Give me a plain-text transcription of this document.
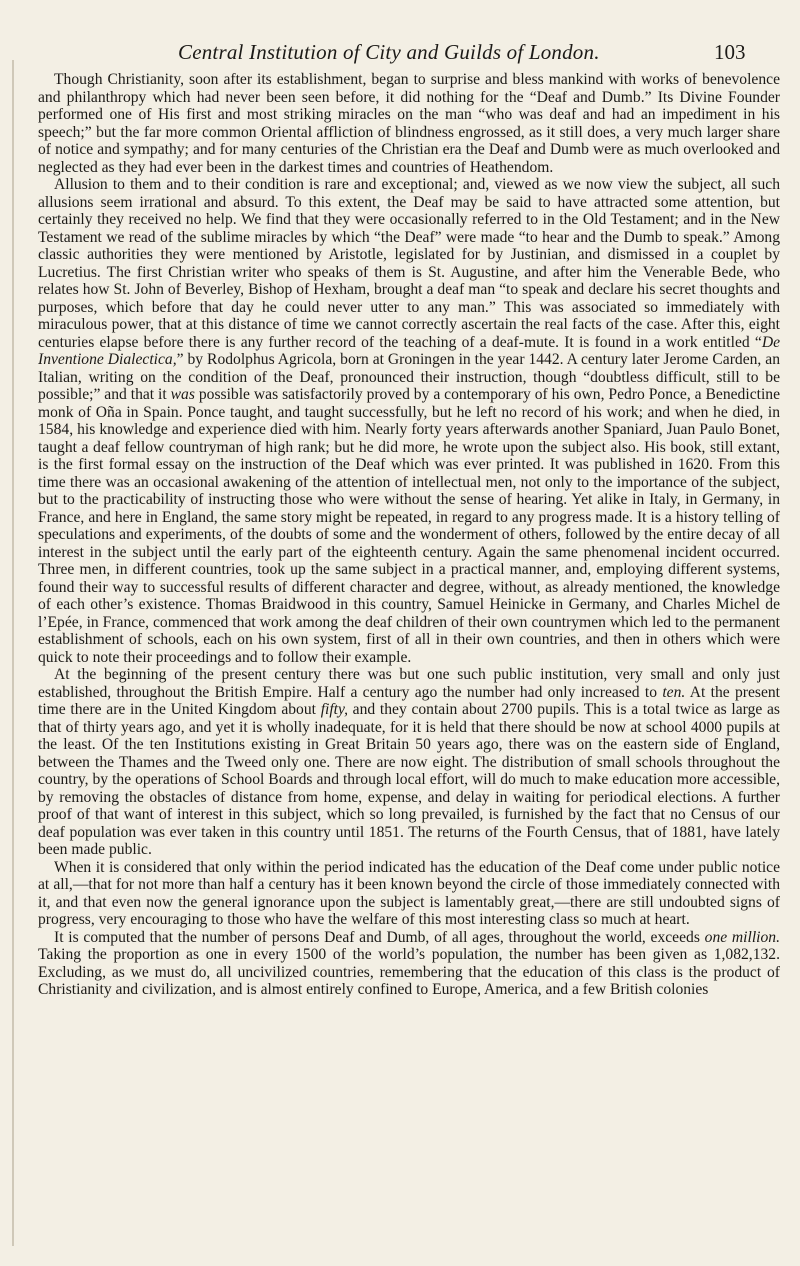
Central Institution of City and Guilds of London.	103

Though Christianity, soon after its establishment, began to surprise and bless mankind with works of benevolence and philanthropy which had never been seen before, it did nothing for the “Deaf and Dumb.” Its Divine Founder performed one of His first and most striking miracles on the man “who was deaf and had an impediment in his speech;” but the far more common Oriental affliction of blindness engrossed, as it still does, a very much larger share of notice and sympathy; and for many centuries of the Christian era the Deaf and Dumb were as much overlooked and neglected as they had ever been in the darkest times and countries of Heathendom.

Allusion to them and to their condition is rare and exceptional; and, viewed as we now view the subject, all such allusions seem irrational and absurd. To this extent, the Deaf may be said to have attracted some attention, but certainly they received no help. We find that they were occasionally referred to in the Old Testament; and in the New Testament we read of the sublime miracles by which “the Deaf” were made “to hear and the Dumb to speak.” Among classic authorities they were mentioned by Aristotle, legislated for by Justinian, and dismissed in a couplet by Lucretius. The first Christian writer who speaks of them is St. Augustine, and after him the Venerable Bede, who relates how St. John of Beverley, Bishop of Hexham, brought a deaf man “to speak and declare his secret thoughts and purposes, which before that day he could never utter to any man.” This was associated so immediately with miraculous power, that at this distance of time we cannot correctly ascertain the real facts of the case. After this, eight centuries elapse before there is any further record of the teaching of a deaf-mute. It is found in a work entitled “De Inventione Dialectica,” by Rodolphus Agricola, born at Groningen in the year 1442. A century later Jerome Carden, an Italian, writing on the condition of the Deaf, pronounced their instruction, though “doubtless difficult, still to be possible;” and that it was possible was satisfactorily proved by a contemporary of his own, Pedro Ponce, a Benedictine monk of Oña in Spain. Ponce taught, and taught successfully, but he left no record of his work; and when he died, in 1584, his knowledge and experience died with him. Nearly forty years afterwards another Spaniard, Juan Paulo Bonet, taught a deaf fellow countryman of high rank; but he did more, he wrote upon the subject also. His book, still extant, is the first formal essay on the instruction of the Deaf which was ever printed. It was published in 1620. From this time there was an occasional awakening of the attention of intellectual men, not only to the importance of the subject, but to the practicability of instructing those who were without the sense of hearing. Yet alike in Italy, in Germany, in France, and here in England, the same story might be repeated, in regard to any progress made. It is a history telling of speculations and experiments, of the doubts of some and the wonderment of others, followed by the entire decay of all interest in the subject until the early part of the eighteenth century. Again the same phenomenal incident occurred. Three men, in different countries, took up the same subject in a practical manner, and, employing different systems, found their way to successful results of different character and degree, without, as already mentioned, the knowledge of each other’s existence. Thomas Braidwood in this country, Samuel Heinicke in Germany, and Charles Michel de l’Epée, in France, commenced that work among the deaf children of their own countrymen which led to the permanent establishment of schools, each on his own system, first of all in their own countries, and then in others which were quick to note their proceedings and to follow their example.

At the beginning of the present century there was but one such public institution, very small and only just established, throughout the British Empire. Half a century ago the number had only increased to ten. At the present time there are in the United Kingdom about fifty, and they contain about 2700 pupils. This is a total twice as large as that of thirty years ago, and yet it is wholly inadequate, for it is held that there should be now at school 4000 pupils at the least. Of the ten Institutions existing in Great Britain 50 years ago, there was on the eastern side of England, between the Thames and the Tweed only one. There are now eight. The distribution of small schools throughout the country, by the operations of School Boards and through local effort, will do much to make education more accessible, by removing the obstacles of distance from home, expense, and delay in waiting for periodical elections. A further proof of that want of interest in this subject, which so long prevailed, is furnished by the fact that no Census of our deaf population was ever taken in this country until 1851. The returns of the Fourth Census, that of 1881, have lately been made public.

When it is considered that only within the period indicated has the education of the Deaf come under public notice at all,—that for not more than half a century has it been known beyond the circle of those immediately connected with it, and that even now the general ignorance upon the subject is lamentably great,—there are still undoubted signs of progress, very encouraging to those who have the welfare of this most interesting class so much at heart.

It is computed that the number of persons Deaf and Dumb, of all ages, throughout the world, exceeds one million. Taking the proportion as one in every 1500 of the world’s population, the number has been given as 1,082,132. Excluding, as we must do, all uncivilized countries, remembering that the education of this class is the product of Christianity and civilization, and is almost entirely confined to Europe, America, and a few British colonies
